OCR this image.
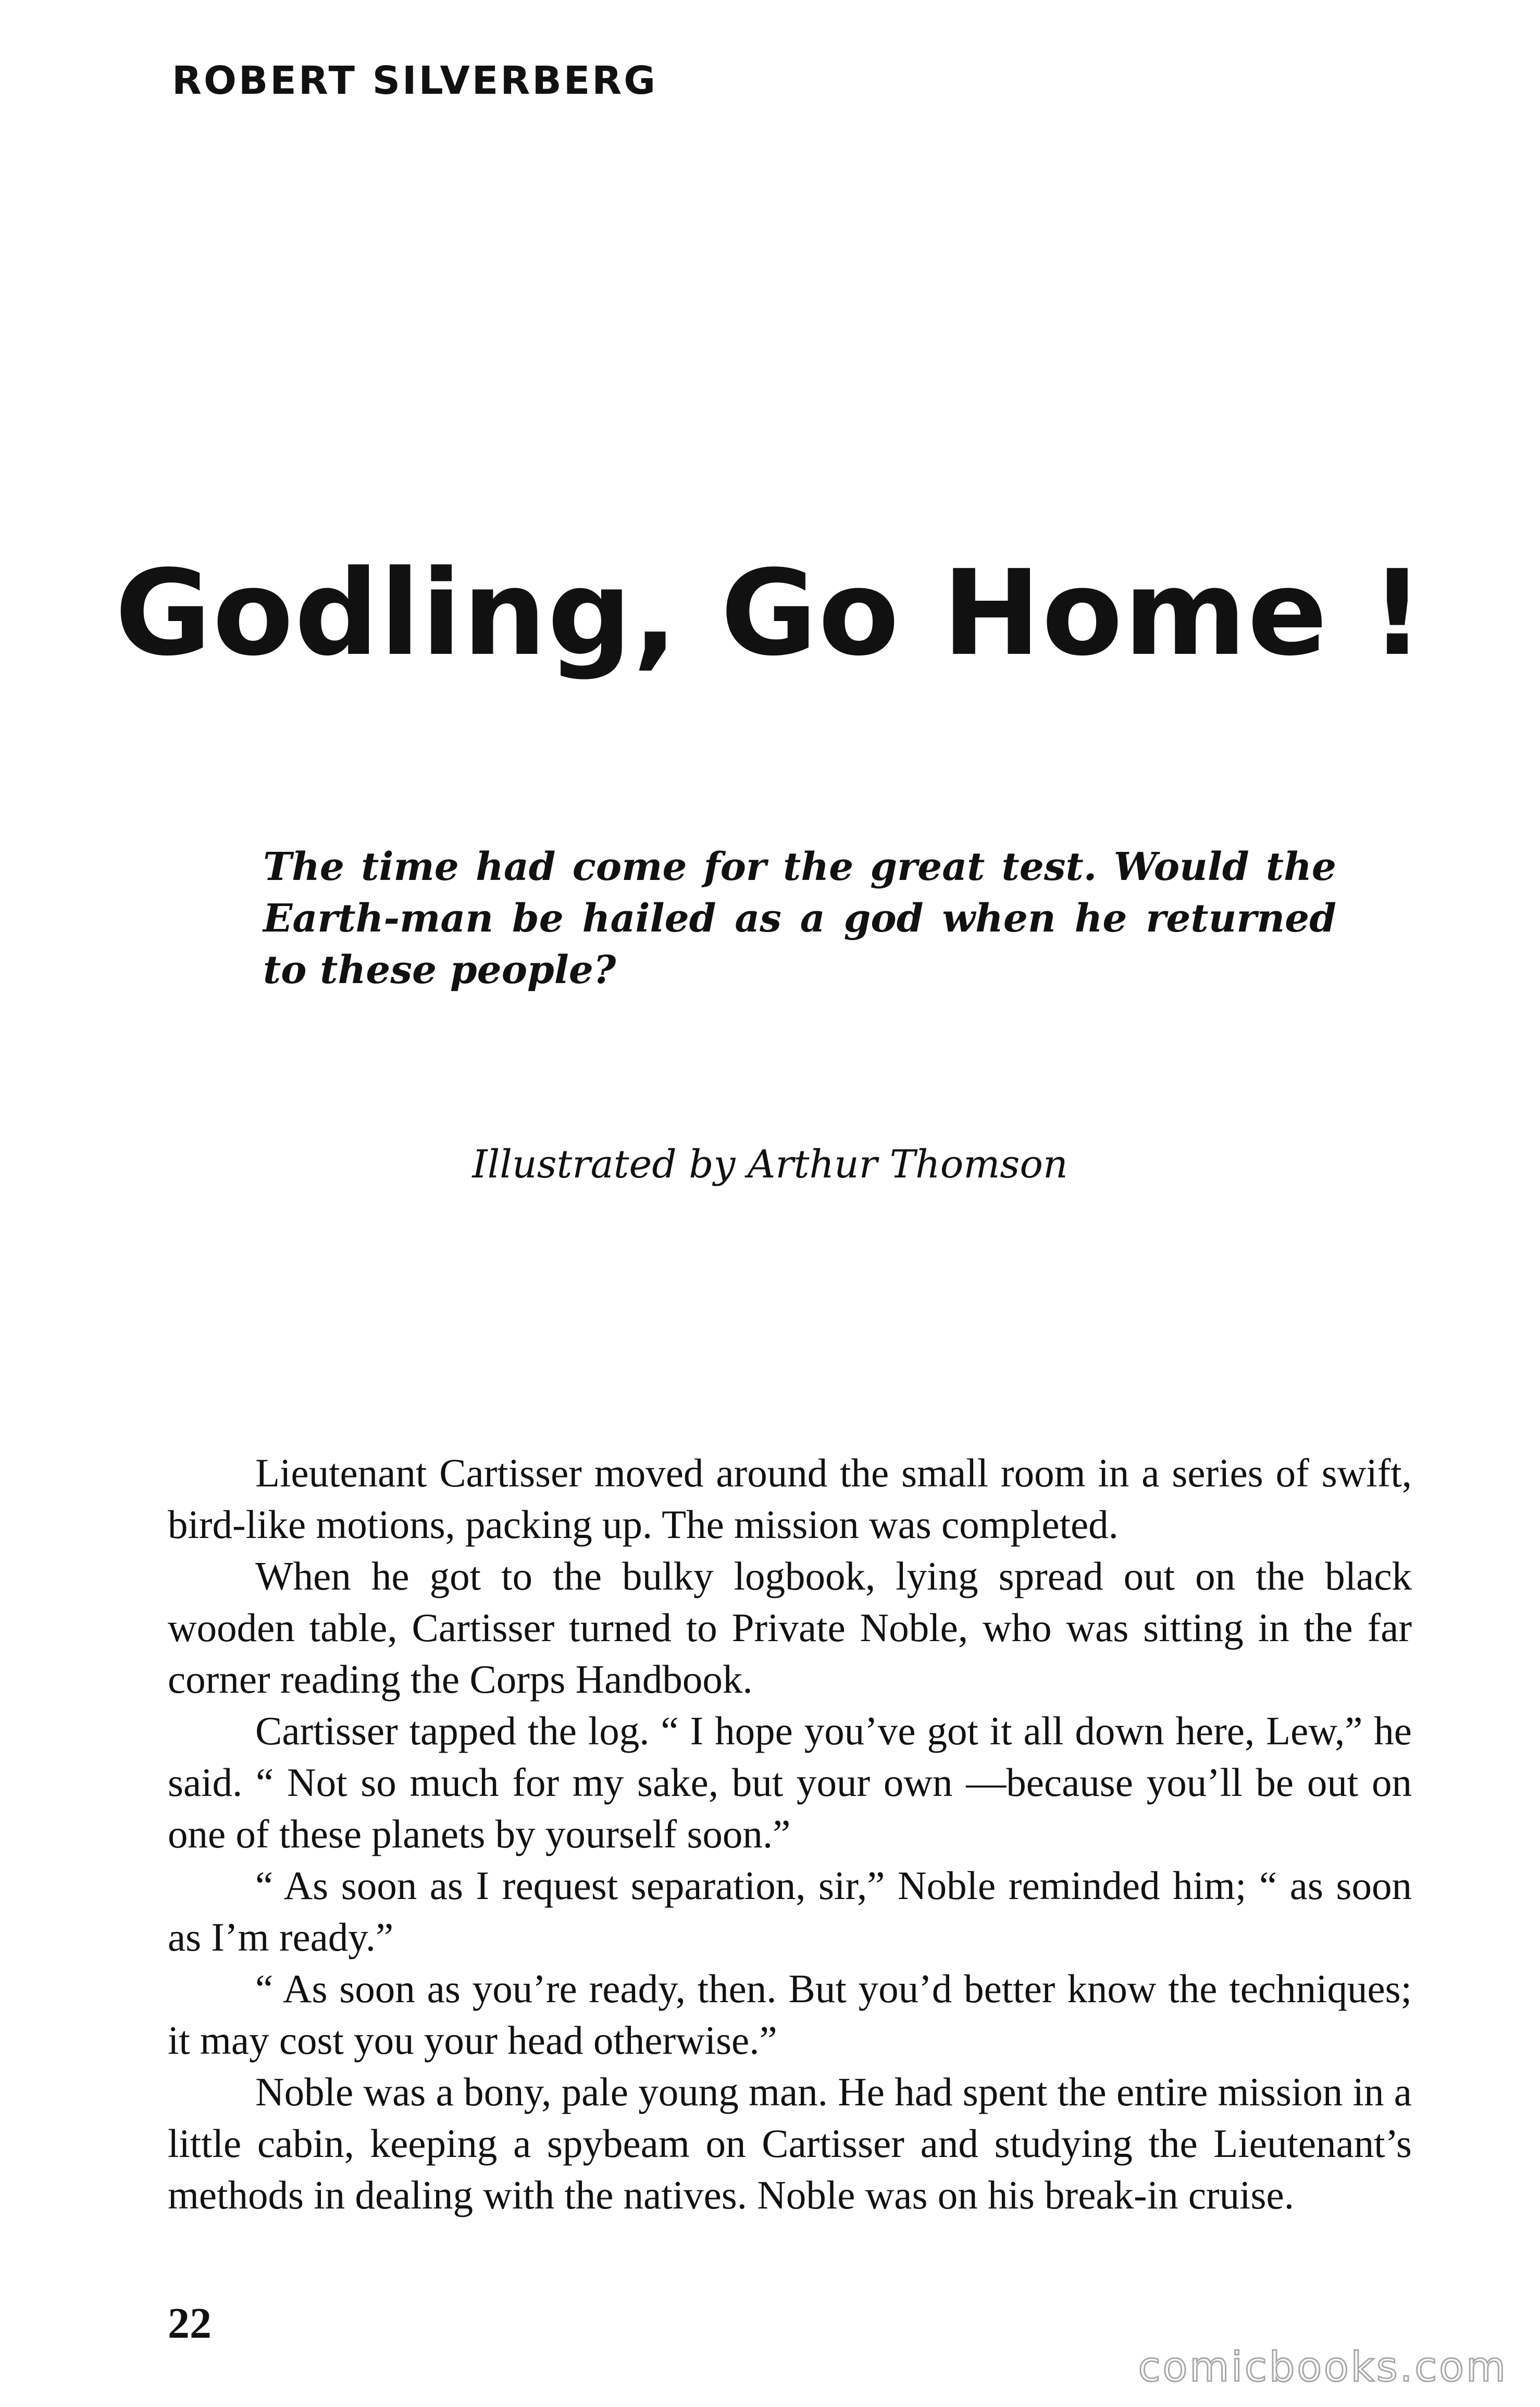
ROBERT SILVERBERG

Godling, Go Home !

The time had come for the great test. Would the Earth-man be hailed as a god when he returned to these people?

Illustrated by Arthur Thomson

Lieutenant Cartisser moved around the small room in a series of swift, bird-like motions, packing up. The mission was completed.

When he got to the bulky logbook, lying spread out on the black wooden table, Cartisser turned to Private Noble, who was sitting in the far corner reading the Corps Handbook.

Cartisser tapped the log. “ I hope you’ve got it all down here, Lew,” he said. “ Not so much for my sake, but your own —because you’ll be out on one of these planets by yourself soon.”

“ As soon as I request separation, sir,” Noble reminded him; “ as soon as I’m ready.”

“ As soon as you’re ready, then. But you’d better know the techniques; it may cost you your head otherwise.”

Noble was a bony, pale young man. He had spent the entire mission in a little cabin, keeping a spybeam on Cartisser and studying the Lieutenant’s methods in dealing with the natives. Noble was on his break-in cruise.

22

comicbooks.com
